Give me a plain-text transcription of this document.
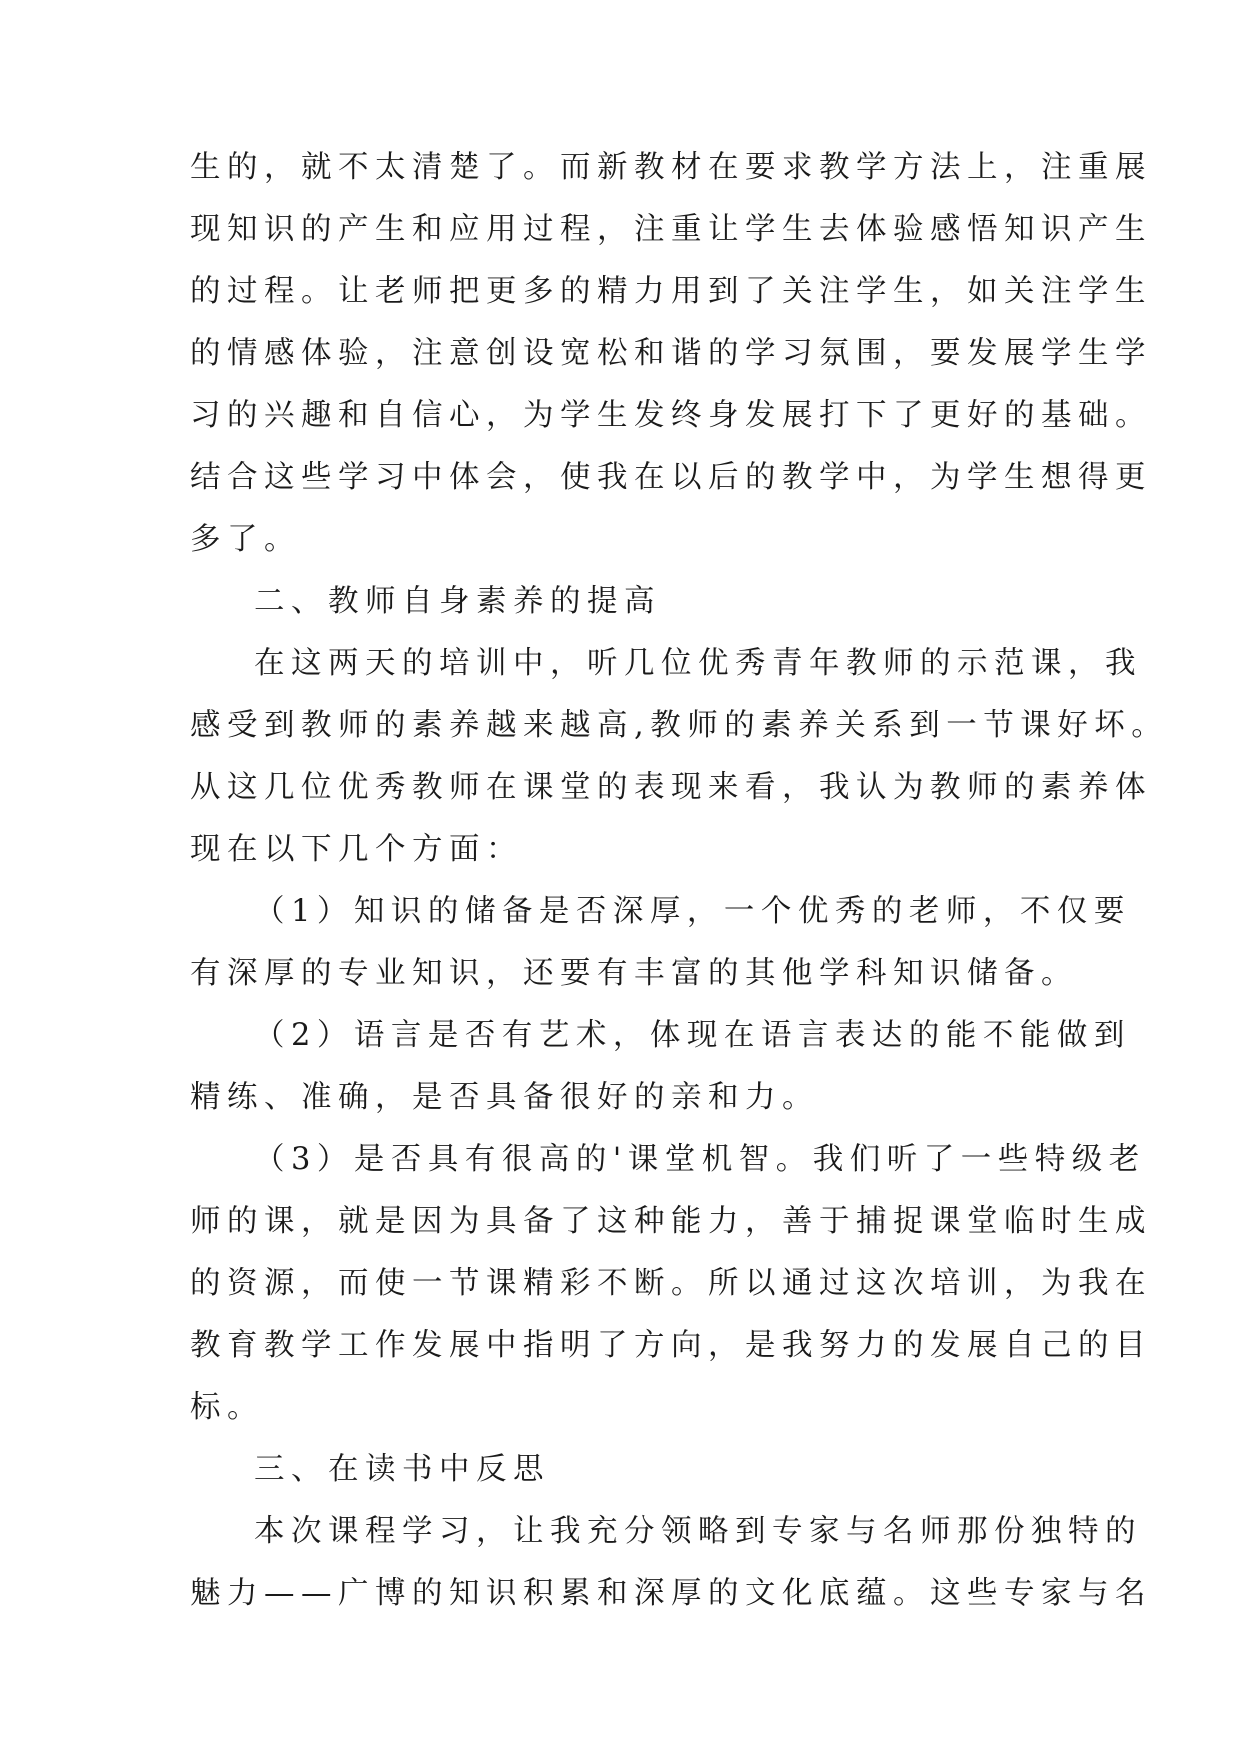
生的，就不太清楚了。而新教材在要求教学方法上，注重展
现知识的产生和应用过程，注重让学生去体验感悟知识产生
的过程。让老师把更多的精力用到了关注学生，如关注学生
的情感体验，注意创设宽松和谐的学习氛围，要发展学生学
习的兴趣和自信心，为学生发终身发展打下了更好的基础。
结合这些学习中体会，使我在以后的教学中，为学生想得更
多了。
二、教师自身素养的提高
在这两天的培训中，听几位优秀青年教师的示范课，我
感受到教师的素养越来越高,教师的素养关系到一节课好坏。
从这几位优秀教师在课堂的表现来看，我认为教师的素养体
现在以下几个方面：
（1）知识的储备是否深厚，一个优秀的老师，不仅要
有深厚的专业知识，还要有丰富的其他学科知识储备。
（2）语言是否有艺术，体现在语言表达的能不能做到
精练、准确，是否具备很好的亲和力。
（3）是否具有很高的'课堂机智。我们听了一些特级老
师的课，就是因为具备了这种能力，善于捕捉课堂临时生成
的资源，而使一节课精彩不断。所以通过这次培训，为我在
教育教学工作发展中指明了方向，是我努力的发展自己的目
标。
三、在读书中反思
本次课程学习，让我充分领略到专家与名师那份独特的
魅力——广博的知识积累和深厚的文化底蕴。这些专家与名
